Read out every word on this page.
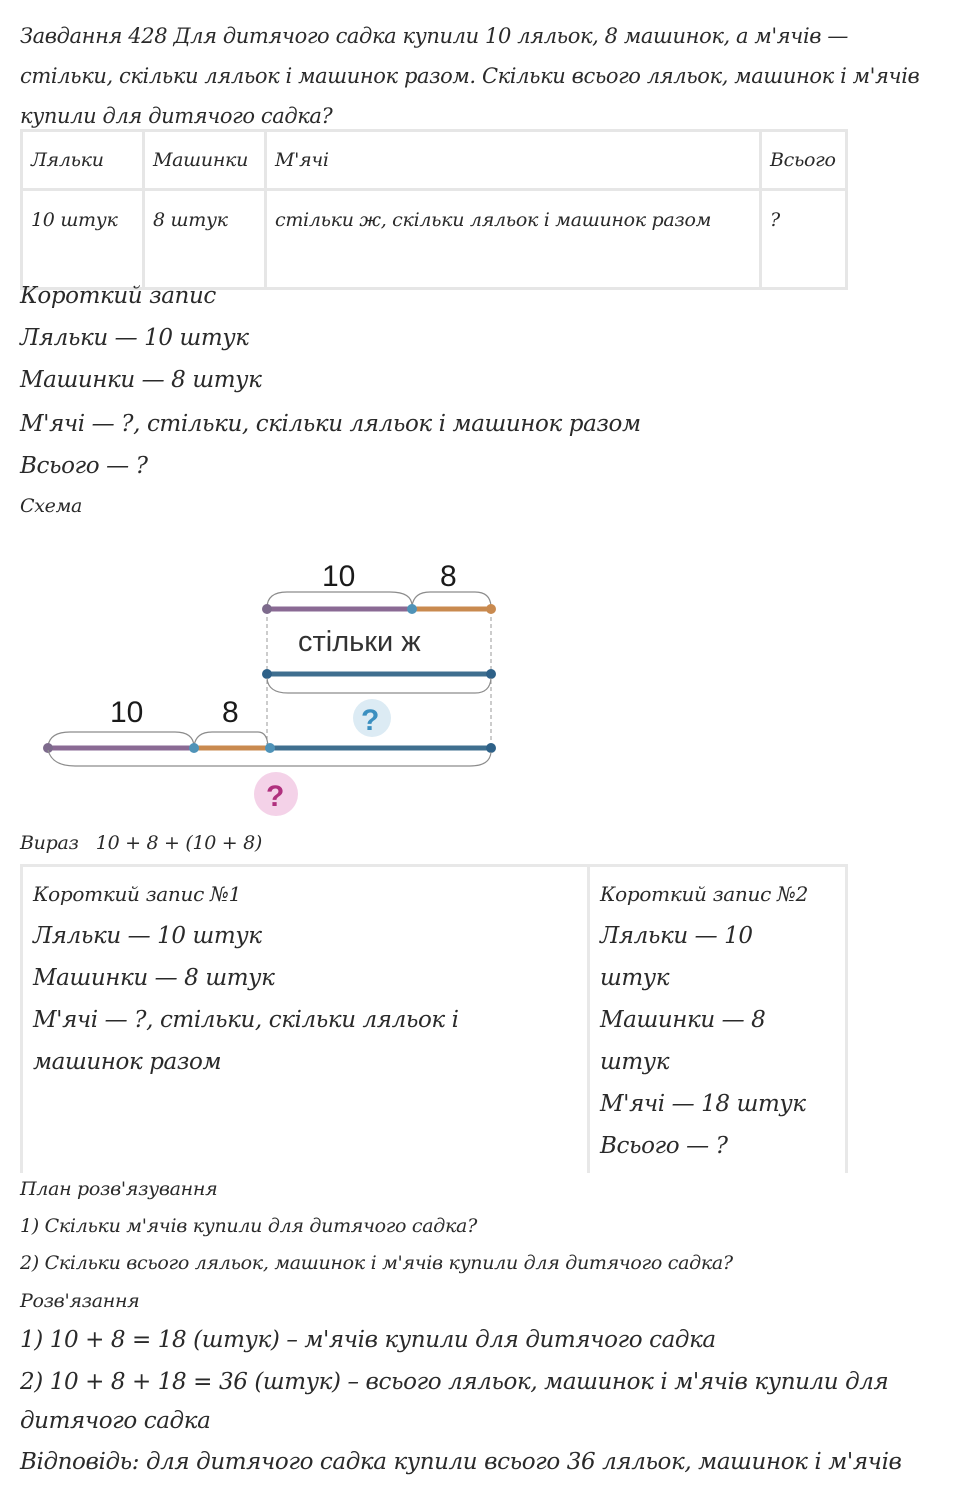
Завдання 428 Для дитячого садка купили 10 ляльок, 8 машинок, а м'ячів — стільки, скільки ляльок і машинок разом. Скільки всього ляльок, машинок і м'ячів купили для дитячого садка?
Ляльки	Машинки	М'ячі	Всього
10 штук	8 штук	стільки ж, скільки ляльок і машинок разом	?
Короткий запис
Ляльки — 10 штук
Машинки — 8 штук
М'ячі — ?, стільки, скільки ляльок і машинок разом
Всього — ?
Схема
10	8
стільки ж
?
10	8
?
Вираз 10 + 8 + (10 + 8)
Короткий запис №1
Ляльки — 10 штук
Машинки — 8 штук
М'ячі — ?, стільки, скільки ляльок і
машинок разом

Короткий запис №2
Ляльки — 10
штук
Машинки — 8
штук
М'ячі — 18 штук
Всього — ?
План розв'язування
1) Скільки м'ячів купили для дитячого садка?
2) Скільки всього ляльок, машинок і м'ячів купили для дитячого садка?
Розв'язання
1) 10 + 8 = 18 (штук) – м'ячів купили для дитячого садка
2) 10 + 8 + 18 = 36 (штук) – всього ляльок, машинок і м'ячів купили для
дитячого садка
Відповідь: для дитячого садка купили всього 36 ляльок, машинок і м'ячів
